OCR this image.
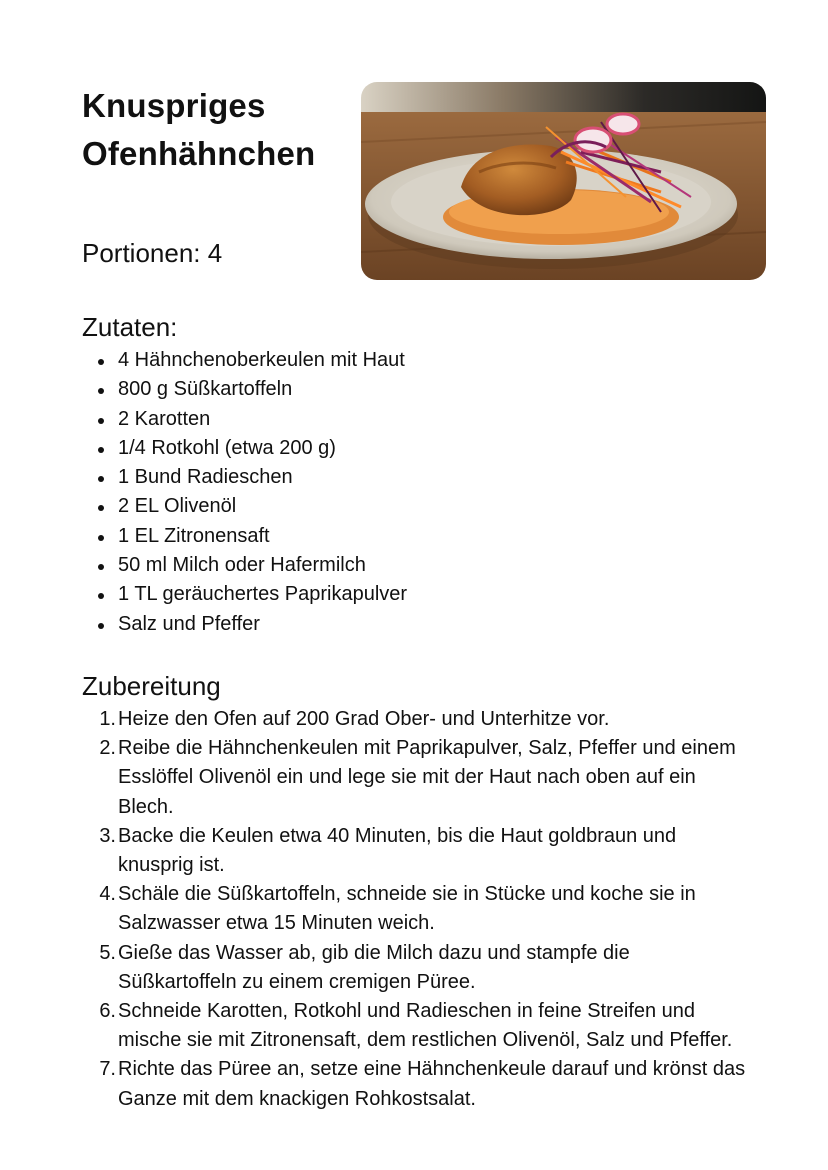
Knuspriges Ofenhähnchen
Portionen: 4
Zutaten:
4 Hähnchenoberkeulen mit Haut
800 g Süßkartoffeln
2 Karotten
1/4 Rotkohl (etwa 200 g)
1 Bund Radieschen
2 EL Olivenöl
1 EL Zitronensaft
50 ml Milch oder Hafermilch
1 TL geräuchertes Paprikapulver
Salz und Pfeffer
Zubereitung
1. Heize den Ofen auf 200 Grad Ober- und Unterhitze vor.
2. Reibe die Hähnchenkeulen mit Paprikapulver, Salz, Pfeffer und einem Esslöffel Olivenöl ein und lege sie mit der Haut nach oben auf ein Blech.
3. Backe die Keulen etwa 40 Minuten, bis die Haut goldbraun und knusprig ist.
4. Schäle die Süßkartoffeln, schneide sie in Stücke und koche sie in Salzwasser etwa 15 Minuten weich.
5. Gieße das Wasser ab, gib die Milch dazu und stampfe die Süßkartoffeln zu einem cremigen Püree.
6. Schneide Karotten, Rotkohl und Radieschen in feine Streifen und mische sie mit Zitronensaft, dem restlichen Olivenöl, Salz und Pfeffer.
7. Richte das Püree an, setze eine Hähnchenkeule darauf und krönst das Ganze mit dem knackigen Rohkostsalat.
